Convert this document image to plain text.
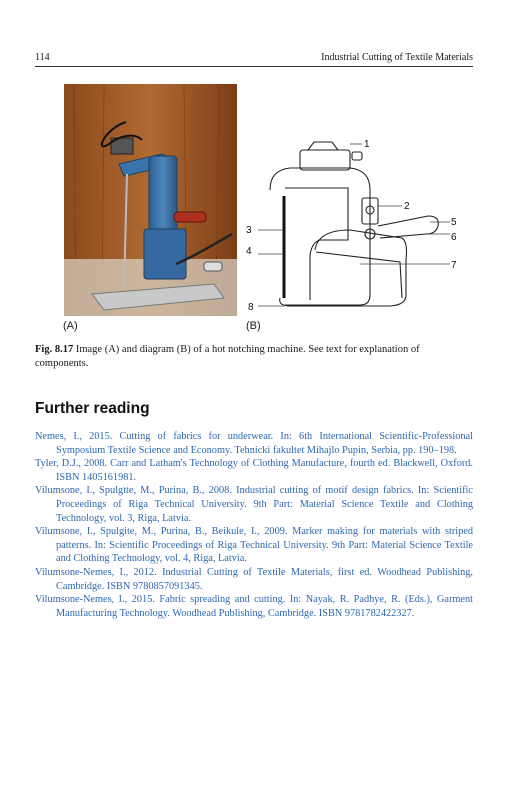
114	Industrial Cutting of Textile Materials
1
2
5
6
7
3
4
8
(A)	(B)

Fig. 8.17 Image (A) and diagram (B) of a hot notching machine. See text for explanation of components.

Further reading
Nemes, I., 2015. Cutting of fabrics for underwear. In: 6th International Scientific-Professional Symposium Textile Science and Economy. Tehnicki fakultet Mihajlo Pupin, Serbia, pp. 190–198.
Tyler, D.J., 2008. Carr and Latham's Technology of Clothing Manufacture, fourth ed. Blackwell, Oxford. ISBN 1405161981.
Vilumsone, I., Spulgtte, M., Purina, B., 2008. Industrial cutting of motif design fabrics. In: Scientific Proceedings of Riga Technical University. 9th Part: Material Science Textile and Clothing Technology, vol. 3, Riga, Latvia.
Vilumsone, I., Spulgite, M., Purina, B., Beikule, I., 2009. Marker making for materials with striped patterns. In: Scientific Proceedings of Riga Technical University. 9th Part: Material Science Textile and Clothing Technology, vol. 4, Riga, Latvia.
Vilumsone-Nemes, I., 2012. Industrial Cutting of Textile Materials, first ed. Woodhead Publishing, Cambridge. ISBN 9780857091345.
Vilumsone-Nemes, I., 2015. Fabric spreading and cutting. In: Nayak, R. Padhye, R. (Eds.), Garment Manufacturing Technology. Woodhead Publishing, Cambridge. ISBN 9781782422327.
